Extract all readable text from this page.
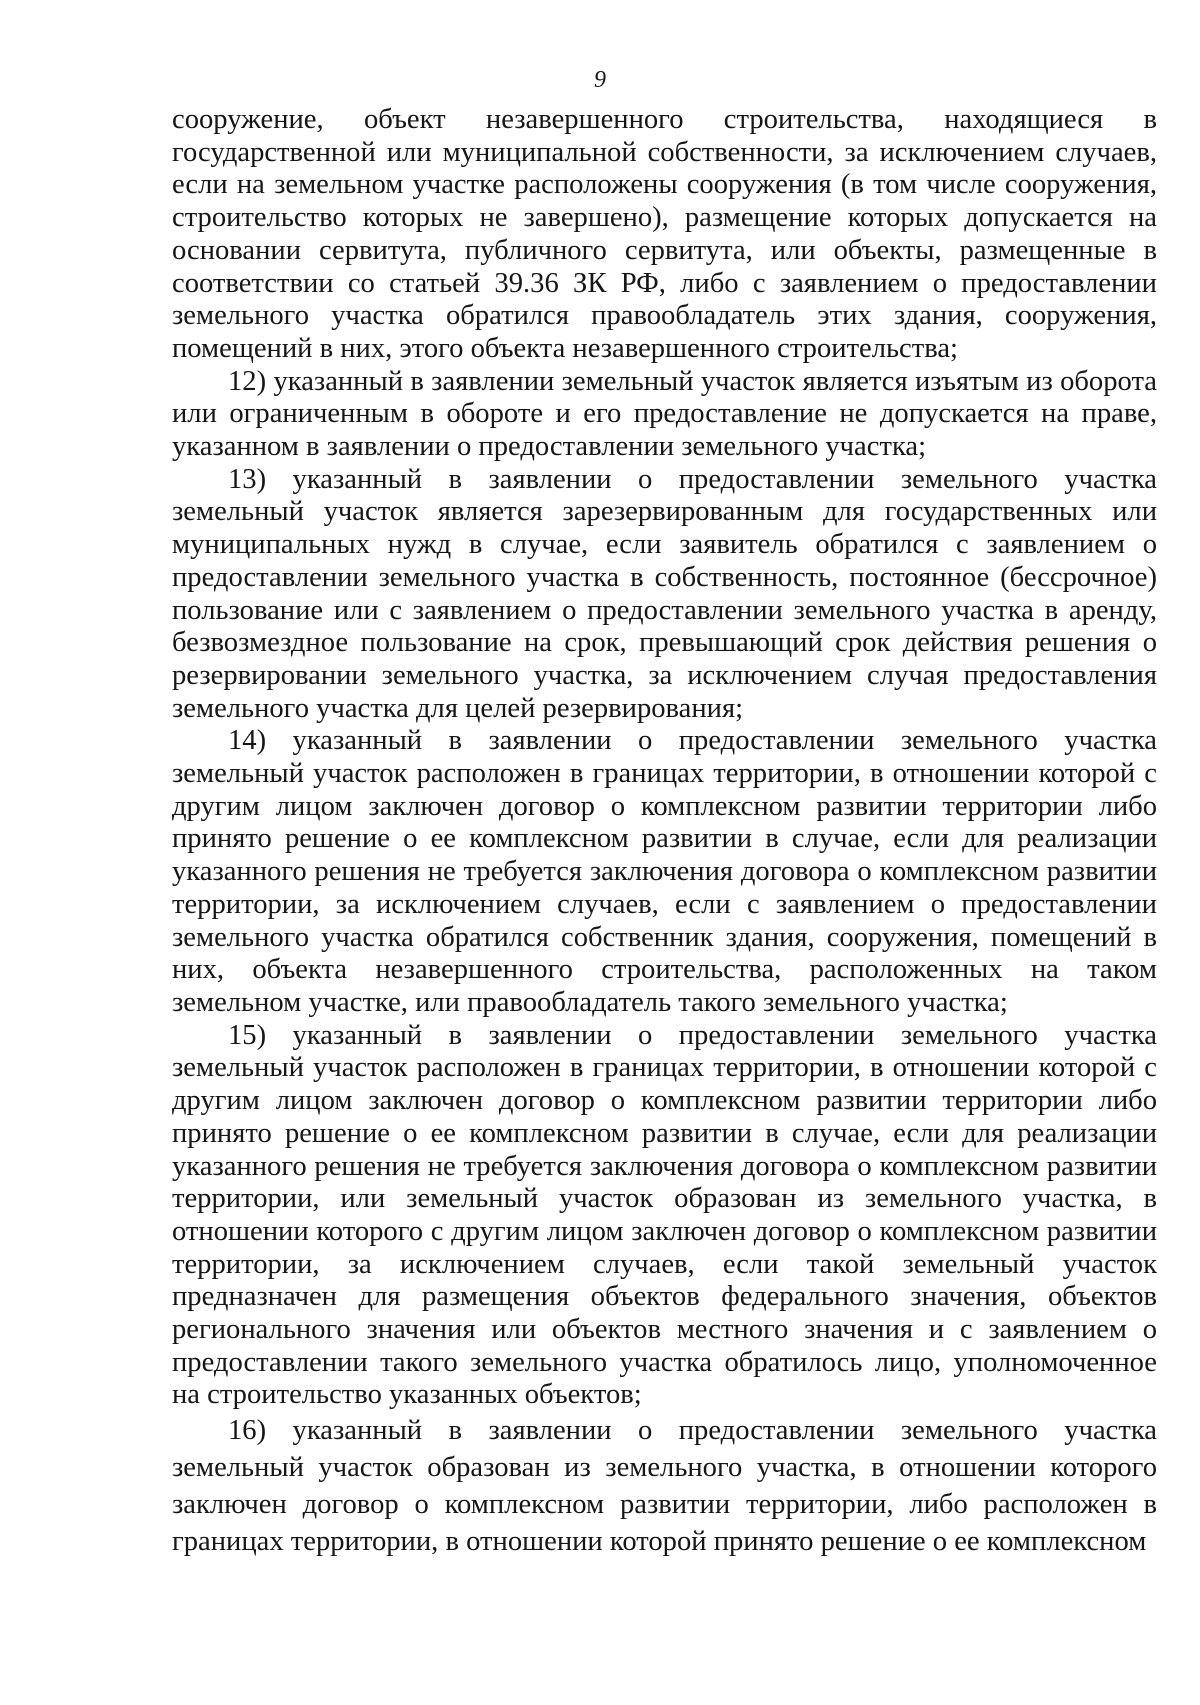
9

сооружение, объект незавершенного строительства, находящиеся в государственной или муниципальной собственности, за исключением случаев, если на земельном участке расположены сооружения (в том числе сооружения, строительство которых не завершено), размещение которых допускается на основании сервитута, публичного сервитута, или объекты, размещенные в соответствии со статьей 39.36 ЗК РФ, либо с заявлением о предоставлении земельного участка обратился правообладатель этих здания, сооружения, помещений в них, этого объекта незавершенного строительства;

12) указанный в заявлении земельный участок является изъятым из оборота или ограниченным в обороте и его предоставление не допускается на праве, указанном в заявлении о предоставлении земельного участка;

13) указанный в заявлении о предоставлении земельного участка земельный участок является зарезервированным для государственных или муниципальных нужд в случае, если заявитель обратился с заявлением о предоставлении земельного участка в собственность, постоянное (бессрочное) пользование или с заявлением о предоставлении земельного участка в аренду, безвозмездное пользование на срок, превышающий срок действия решения о резервировании земельного участка, за исключением случая предоставления земельного участка для целей резервирования;

14) указанный в заявлении о предоставлении земельного участка земельный участок расположен в границах территории, в отношении которой с другим лицом заключен договор о комплексном развитии территории либо принято решение о ее комплексном развитии в случае, если для реализации указанного решения не требуется заключения договора о комплексном развитии территории, за исключением случаев, если с заявлением о предоставлении земельного участка обратился собственник здания, сооружения, помещений в них, объекта незавершенного строительства, расположенных на таком земельном участке, или правообладатель такого земельного участка;

15) указанный в заявлении о предоставлении земельного участка земельный участок расположен в границах территории, в отношении которой с другим лицом заключен договор о комплексном развитии территории либо принято решение о ее комплексном развитии в случае, если для реализации указанного решения не требуется заключения договора о комплексном развитии территории, или земельный участок образован из земельного участка, в отношении которого с другим лицом заключен договор о комплексном развитии территории, за исключением случаев, если такой земельный участок предназначен для размещения объектов федерального значения, объектов регионального значения или объектов местного значения и с заявлением о предоставлении такого земельного участка обратилось лицо, уполномоченное на строительство указанных объектов;

16) указанный в заявлении о предоставлении земельного участка земельный участок образован из земельного участка, в отношении которого заключен договор о комплексном развитии территории, либо расположен в границах территории, в отношении которой принято решение о ее комплексном
